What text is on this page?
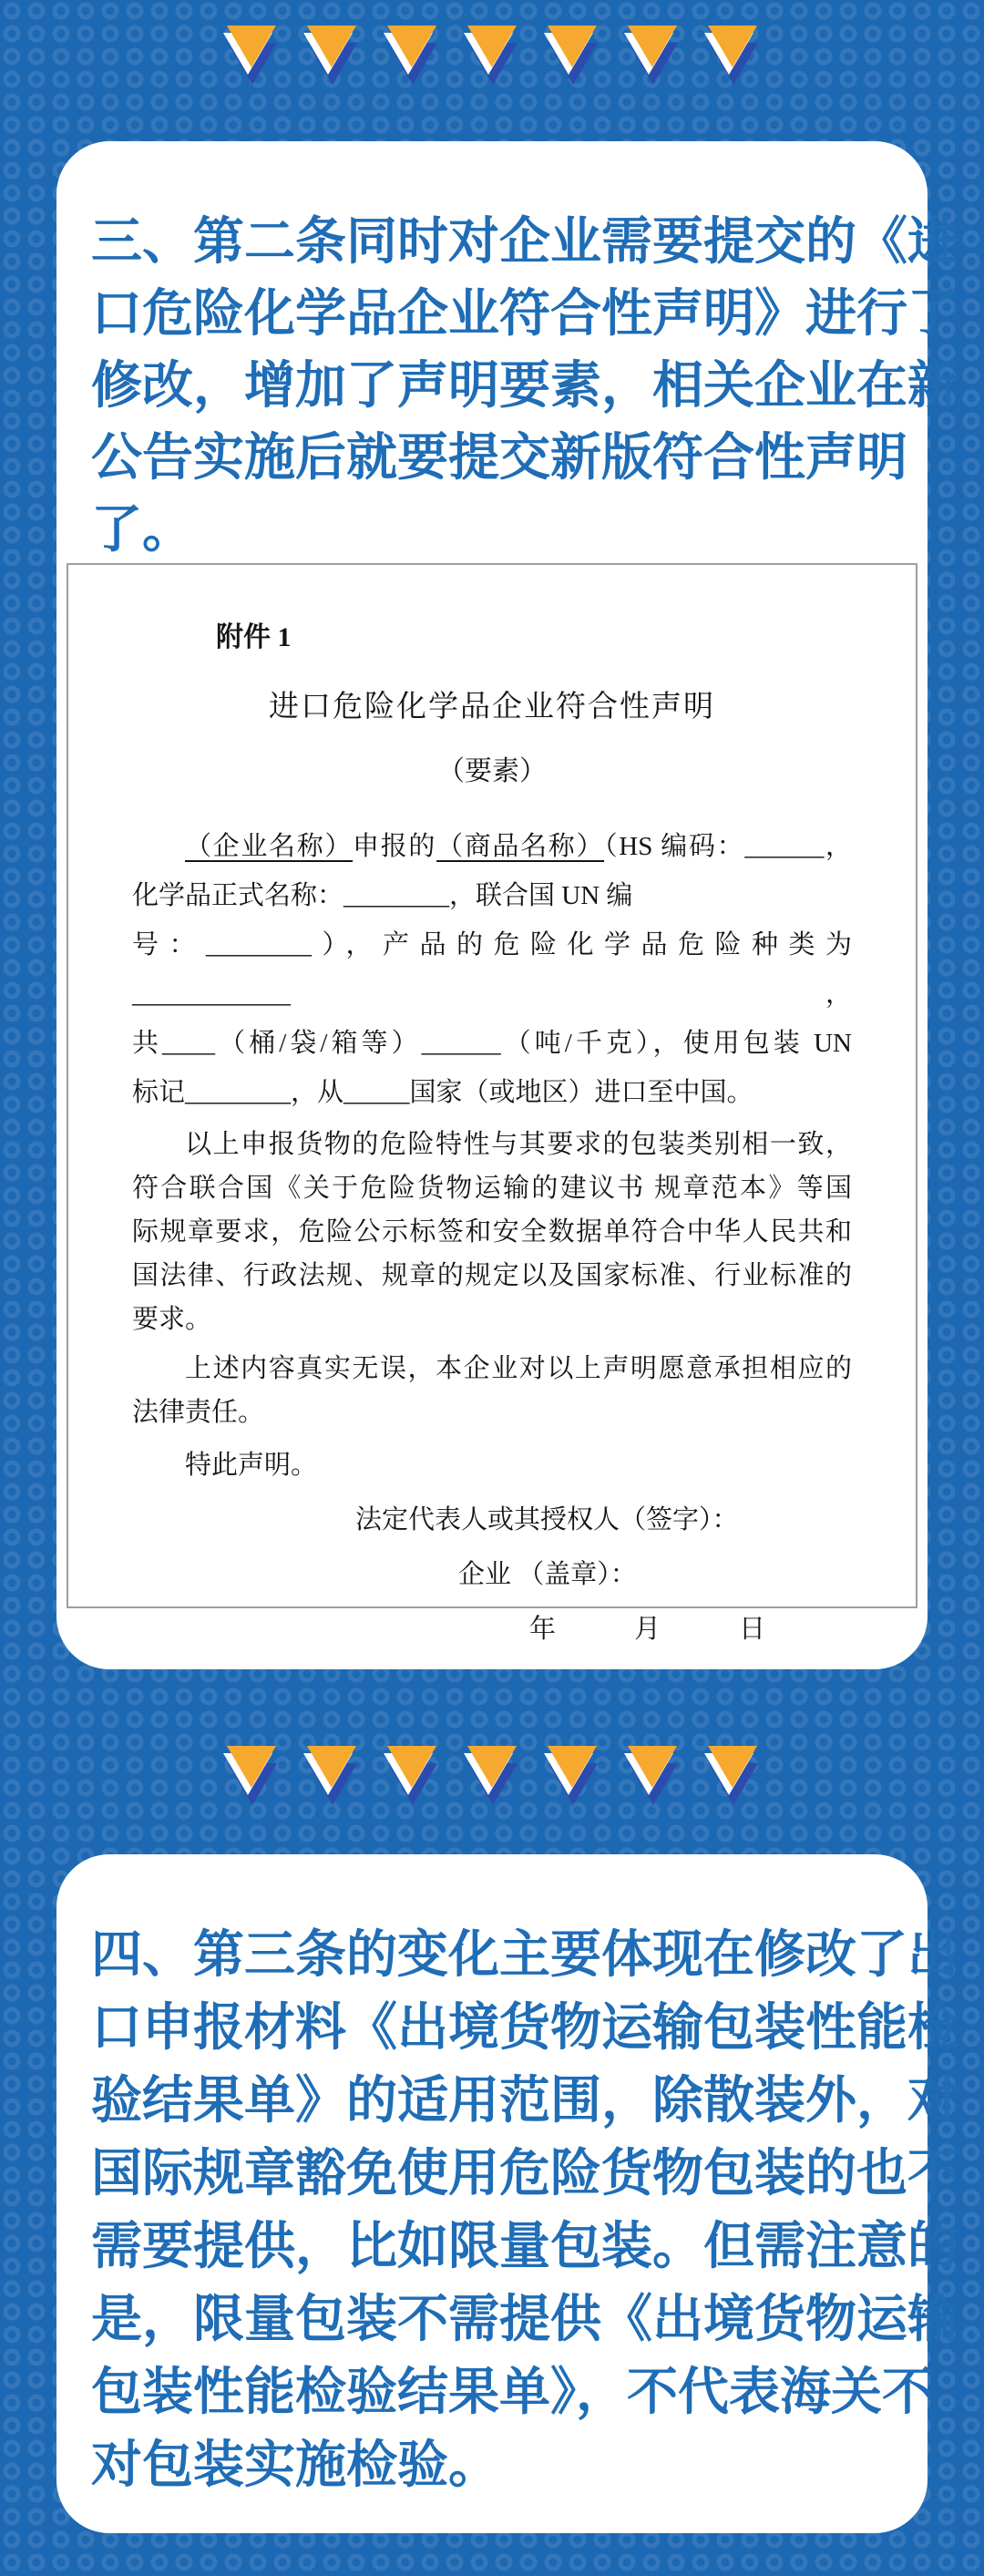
三、第二条同时对企业需要提交的《进
口危险化学品企业符合性声明》进行了
修改，增加了声明要素，相关企业在新
公告实施后就要提交新版符合性声明
了。
附件 1
进口危险化学品企业符合性声明
（要素）
（企业名称）申报的（商品名称）（HS 编码：______，
化学品正式名称：________，联合国 UN 编
号：________），产品的危险化学品危险种类为____________，
共____（桶/袋/箱等）______（吨/千克），使用包装 UN
标记________，从_____国家（或地区）进口至中国。
以上申报货物的危险特性与其要求的包装类别相一致，
符合联合国《关于危险货物运输的建议书 规章范本》等国
际规章要求，危险公示标签和安全数据单符合中华人民共和
国法律、行政法规、规章的规定以及国家标准、行业标准的
要求。
上述内容真实无误，本企业对以上声明愿意承担相应的
法律责任。
特此声明。
法定代表人或其授权人（签字）：
企业 （盖章）：
年	月	日
四、第三条的变化主要体现在修改了出
口申报材料《出境货物运输包装性能检
验结果单》的适用范围，除散装外，对
国际规章豁免使用危险货物包装的也不
需要提供，比如限量包装。但需注意的
是，限量包装不需提供《出境货物运输
包装性能检验结果单》，不代表海关不
对包装实施检验。
